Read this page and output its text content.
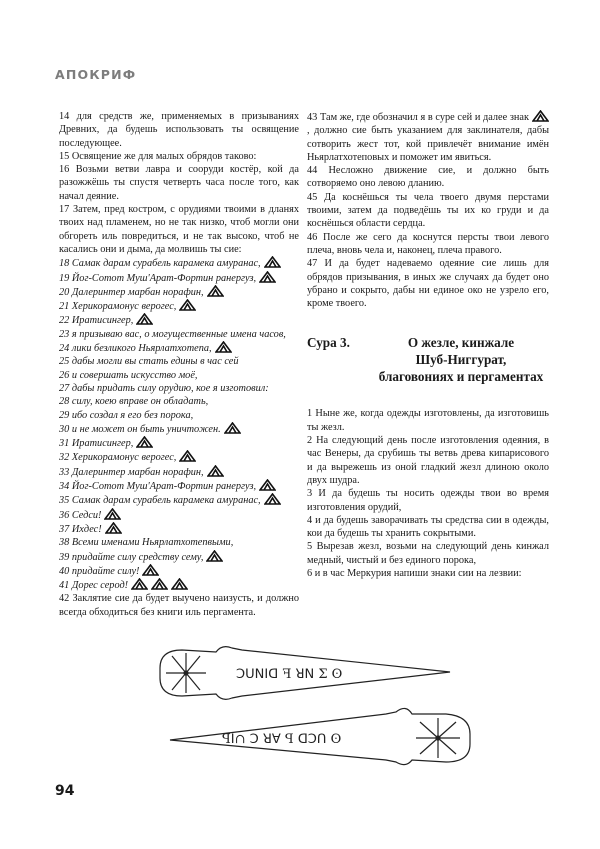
АПОКРИФ

14 для средств же, применяемых в призываниях Древних, да будешь использовать ты освящение последующее.

15 Освящение же для малых обрядов таково:

16 Возьми ветви лавра и сооруди костёр, кой да разожжёшь ты спустя четверть часа после того, как начал деяние.

17 Затем, пред костром, с орудиями твоими в дланях твоих над пламенем, но не так низко, чтоб могли они обгореть иль повредиться, и не так высоко, чтоб не касались они и дыма, да молвишь ты сие:

18 Самак дарам сурабель карамека амуранас,

19 Йог-Сотот Муш'Арат-Фортин ранергуз,

20 Далеринтер марбан норафин,

21 Херикорамонус верогес,

22 Иратисингер,

23 я призываю вас, о могущественные имена часов,

24 лики безликого Ньярлатхотепа,

25 дабы могли вы стать едины в час сей

26 и совершать искусство моё,

27 дабы придать силу орудию, кое я изготовил:

28 силу, коею вправе он обладать,

29 ибо создал я его без порока,

30 и не может он быть уничтожен.

31 Иратисингер,

32 Херикорамонус верогес,

33 Далеринтер марбан норафин,

34 Йог-Сотот Муш'Арат-Фортин ранергуз,

35 Самак дарам сурабель карамека амуранас,

36 Седси!

37 Ихдес!

38 Всеми именами Ньярлатхотепвыми,

39 придайте силу средству сему,

40 придайте силу!

41 Дорес серод!

42 Заклятие сие да будет выучено наизусть, и должно всегда обходиться без книги иль пергамента.

43 Там же, где обозначил я в суре сей и далее знак, должно сие быть указанием для заклинателя, дабы сотворить жест тот, кой привлечёт внимание имён Ньярлатхотеповых и поможет им явиться.

44 Несложно движение сие, и должно быть сотворяемо оно левою дланию.

45 Да коснёшься ты чела твоего двумя перстами твоими, затем да подведёшь ты их ко груди и да коснёшься области сердца.

46 После же сего да коснутся персты твои левого плеча, вновь чела и, наконец, плеча правого.

47 И да будет надеваемо одеяние сие лишь для обрядов призывания, в иных же случаях да будет оно убрано и сокрыто, дабы ни единое око не узрело его, кроме твоего.

Сура 3.	О жезле, кинжале
Шуб-Ниггурат,
благовониях и пергаментах

1 Ныне же, когда одежды изготовлены, да изготовишь ты жезл.

2 На следующий день после изготовления одеяния, в час Венеры, да срубишь ты ветвь древа кипарисового и да вырежешь из оной гладкий жезл длиною около двух шудра.

3 И да будешь ты носить одежды твои во время изготовления орудий,

4 и да будешь заворачивать ты средства сии в одежды, кои да будешь ты хранить сокрытыми.

5 Вырезав жезл, возьми на следующий день кинжал медный, чистый и без единого порока,

6 и в час Меркурия напиши знаки сии на лезвии:

ꓛꓴꓠꓲꓷ ꟻ ꓤꓠ Ʃ ʘ
ꟼꓲ∩ ꓛ ꓤꓯ ꟼ ꓷꓛꓵ ʘ
94
